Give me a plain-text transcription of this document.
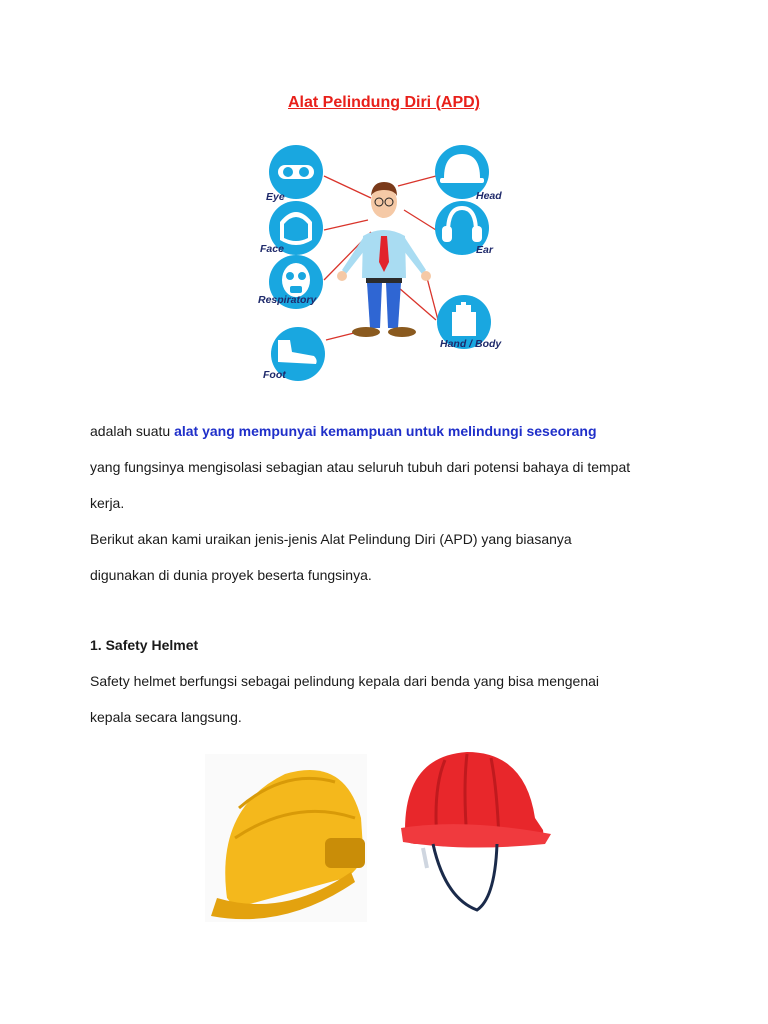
Alat Pelindung Diri (APD)
Eye
Face
Respiratory
Foot
Head
Ear
Hand / Body
adalah suatu alat yang mempunyai kemampuan untuk melindungi seseorang
yang fungsinya mengisolasi sebagian atau seluruh tubuh dari potensi bahaya di tempat
kerja.
Berikut akan kami uraikan jenis-jenis Alat Pelindung Diri (APD) yang biasanya
digunakan di dunia proyek beserta fungsinya.
1. Safety Helmet
Safety helmet berfungsi sebagai pelindung kepala dari benda yang bisa mengenai
kepala secara langsung.
